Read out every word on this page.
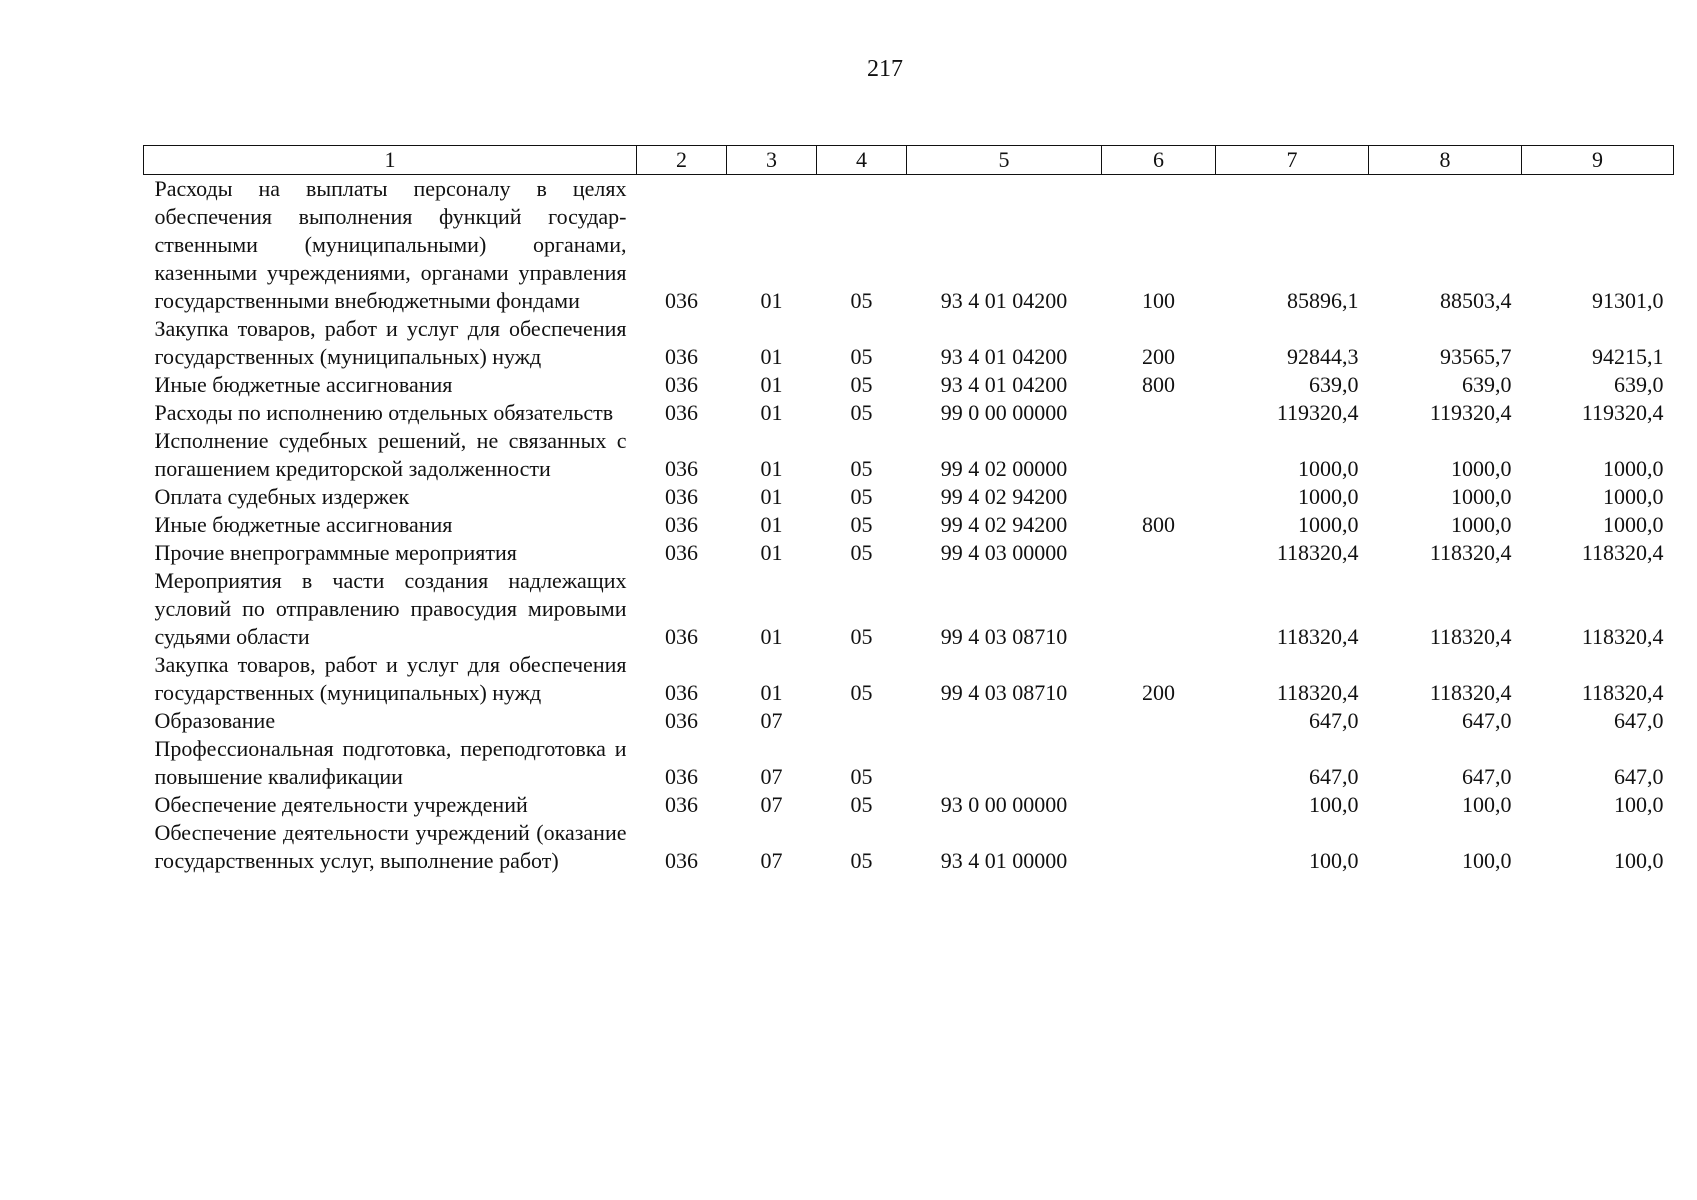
217
1	2	3	4	5	6	7	8	9
Расходы на выплаты персоналу в целях обеспечения выполнения функций государственными (муниципальными) органами, казенными учреждениями, органами управления государственными внебюджетными фондами	036	01	05	93 4 01 04200	100	85896,1	88503,4	91301,0
Закупка товаров, работ и услуг для обеспечения государственных (муниципальных) нужд	036	01	05	93 4 01 04200	200	92844,3	93565,7	94215,1
Иные бюджетные ассигнования	036	01	05	93 4 01 04200	800	639,0	639,0	639,0
Расходы по исполнению отдельных обязательств	036	01	05	99 0 00 00000		119320,4	119320,4	119320,4
Исполнение судебных решений, не связанных с погашением кредиторской задолженности	036	01	05	99 4 02 00000		1000,0	1000,0	1000,0
Оплата судебных издержек	036	01	05	99 4 02 94200		1000,0	1000,0	1000,0
Иные бюджетные ассигнования	036	01	05	99 4 02 94200	800	1000,0	1000,0	1000,0
Прочие внепрограммные мероприятия	036	01	05	99 4 03 00000		118320,4	118320,4	118320,4
Мероприятия в части создания надлежащих условий по отправлению правосудия мировыми судьями области	036	01	05	99 4 03 08710		118320,4	118320,4	118320,4
Закупка товаров, работ и услуг для обеспечения государственных (муниципальных) нужд	036	01	05	99 4 03 08710	200	118320,4	118320,4	118320,4
Образование	036	07				647,0	647,0	647,0
Профессиональная подготовка, переподготовка и повышение квалификации	036	07	05			647,0	647,0	647,0
Обеспечение деятельности учреждений	036	07	05	93 0 00 00000		100,0	100,0	100,0
Обеспечение деятельности учреждений (оказание государственных услуг, выполнение работ)	036	07	05	93 4 01 00000		100,0	100,0	100,0
